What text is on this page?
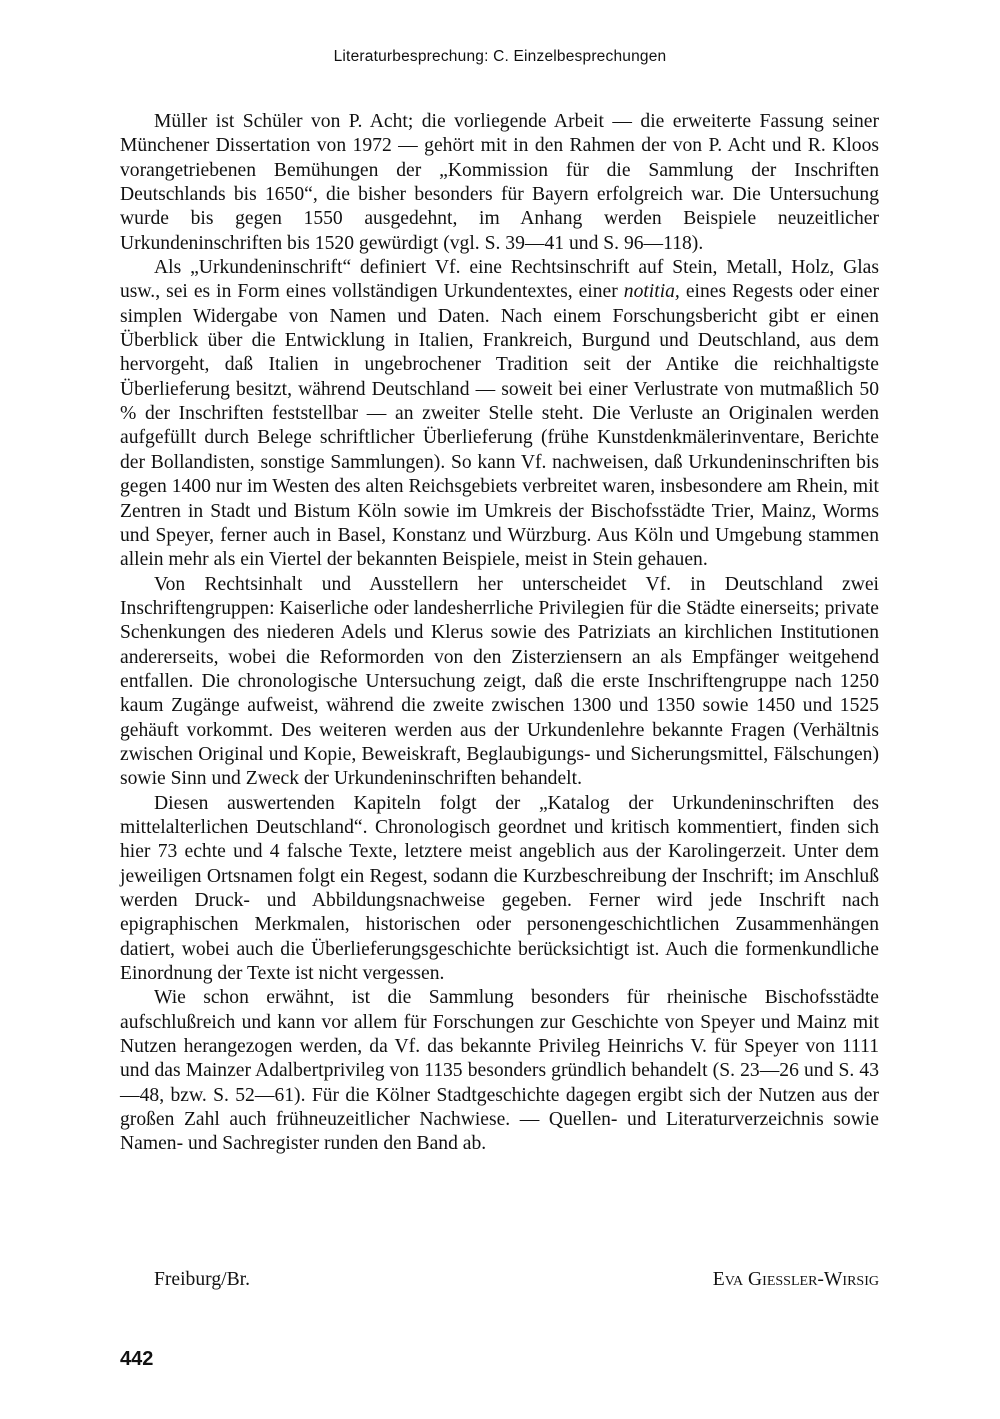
Literaturbesprechung: C. Einzelbesprechungen

Müller ist Schüler von P. Acht; die vorliegende Arbeit — die erweiterte Fassung seiner Münchener Dissertation von 1972 — gehört mit in den Rahmen der von P. Acht und R. Kloos vorangetriebenen Bemühungen der „Kommission für die Sammlung der Inschriften Deutschlands bis 1650“, die bisher besonders für Bayern erfolgreich war. Die Untersuchung wurde bis gegen 1550 ausgedehnt, im Anhang werden Beispiele neuzeitlicher Urkundeninschriften bis 1520 gewürdigt (vgl. S. 39—41 und S. 96—118).

Als „Urkundeninschrift“ definiert Vf. eine Rechtsinschrift auf Stein, Metall, Holz, Glas usw., sei es in Form eines vollständigen Urkundentextes, einer notitia, eines Regests oder einer simplen Widergabe von Namen und Daten. Nach einem Forschungsbericht gibt er einen Überblick über die Entwicklung in Italien, Frankreich, Burgund und Deutschland, aus dem hervorgeht, daß Italien in ungebrochener Tradition seit der Antike die reichhaltigste Überlieferung besitzt, während Deutschland — soweit bei einer Verlustrate von mutmaßlich 50 % der Inschriften feststellbar — an zweiter Stelle steht. Die Verluste an Originalen werden aufgefüllt durch Belege schriftlicher Überlieferung (frühe Kunstdenkmälerinventare, Berichte der Bollandisten, sonstige Sammlungen). So kann Vf. nachweisen, daß Urkundeninschriften bis gegen 1400 nur im Westen des alten Reichsgebiets verbreitet waren, insbesondere am Rhein, mit Zentren in Stadt und Bistum Köln sowie im Umkreis der Bischofsstädte Trier, Mainz, Worms und Speyer, ferner auch in Basel, Konstanz und Würzburg. Aus Köln und Umgebung stammen allein mehr als ein Viertel der bekannten Beispiele, meist in Stein gehauen.

Von Rechtsinhalt und Ausstellern her unterscheidet Vf. in Deutschland zwei Inschriftengruppen: Kaiserliche oder landesherrliche Privilegien für die Städte einerseits; private Schenkungen des niederen Adels und Klerus sowie des Patriziats an kirchlichen Institutionen andererseits, wobei die Reformorden von den Zisterziensern an als Empfänger weitgehend entfallen. Die chronologische Untersuchung zeigt, daß die erste Inschriftengruppe nach 1250 kaum Zugänge aufweist, während die zweite zwischen 1300 und 1350 sowie 1450 und 1525 gehäuft vorkommt. Des weiteren werden aus der Urkundenlehre bekannte Fragen (Verhältnis zwischen Original und Kopie, Beweiskraft, Beglaubigungs- und Sicherungsmittel, Fälschungen) sowie Sinn und Zweck der Urkundeninschriften behandelt.

Diesen auswertenden Kapiteln folgt der „Katalog der Urkundeninschriften des mittelalterlichen Deutschland“. Chronologisch geordnet und kritisch kommentiert, finden sich hier 73 echte und 4 falsche Texte, letztere meist angeblich aus der Karolingerzeit. Unter dem jeweiligen Ortsnamen folgt ein Regest, sodann die Kurzbeschreibung der Inschrift; im Anschluß werden Druck- und Abbildungsnachweise gegeben. Ferner wird jede Inschrift nach epigraphischen Merkmalen, historischen oder personengeschichtlichen Zusammenhängen datiert, wobei auch die Überlieferungsgeschichte berücksichtigt ist. Auch die formenkundliche Einordnung der Texte ist nicht vergessen.

Wie schon erwähnt, ist die Sammlung besonders für rheinische Bischofsstädte aufschlußreich und kann vor allem für Forschungen zur Geschichte von Speyer und Mainz mit Nutzen herangezogen werden, da Vf. das bekannte Privileg Heinrichs V. für Speyer von 1111 und das Mainzer Adalbertprivileg von 1135 besonders gründlich behandelt (S. 23—26 und S. 43—48, bzw. S. 52—61). Für die Kölner Stadtgeschichte dagegen ergibt sich der Nutzen aus der großen Zahl auch frühneuzeitlicher Nachwiese. — Quellen- und Literaturverzeichnis sowie Namen- und Sachregister runden den Band ab.

Freiburg/Br.	Eva Giessler-Wirsig
442
